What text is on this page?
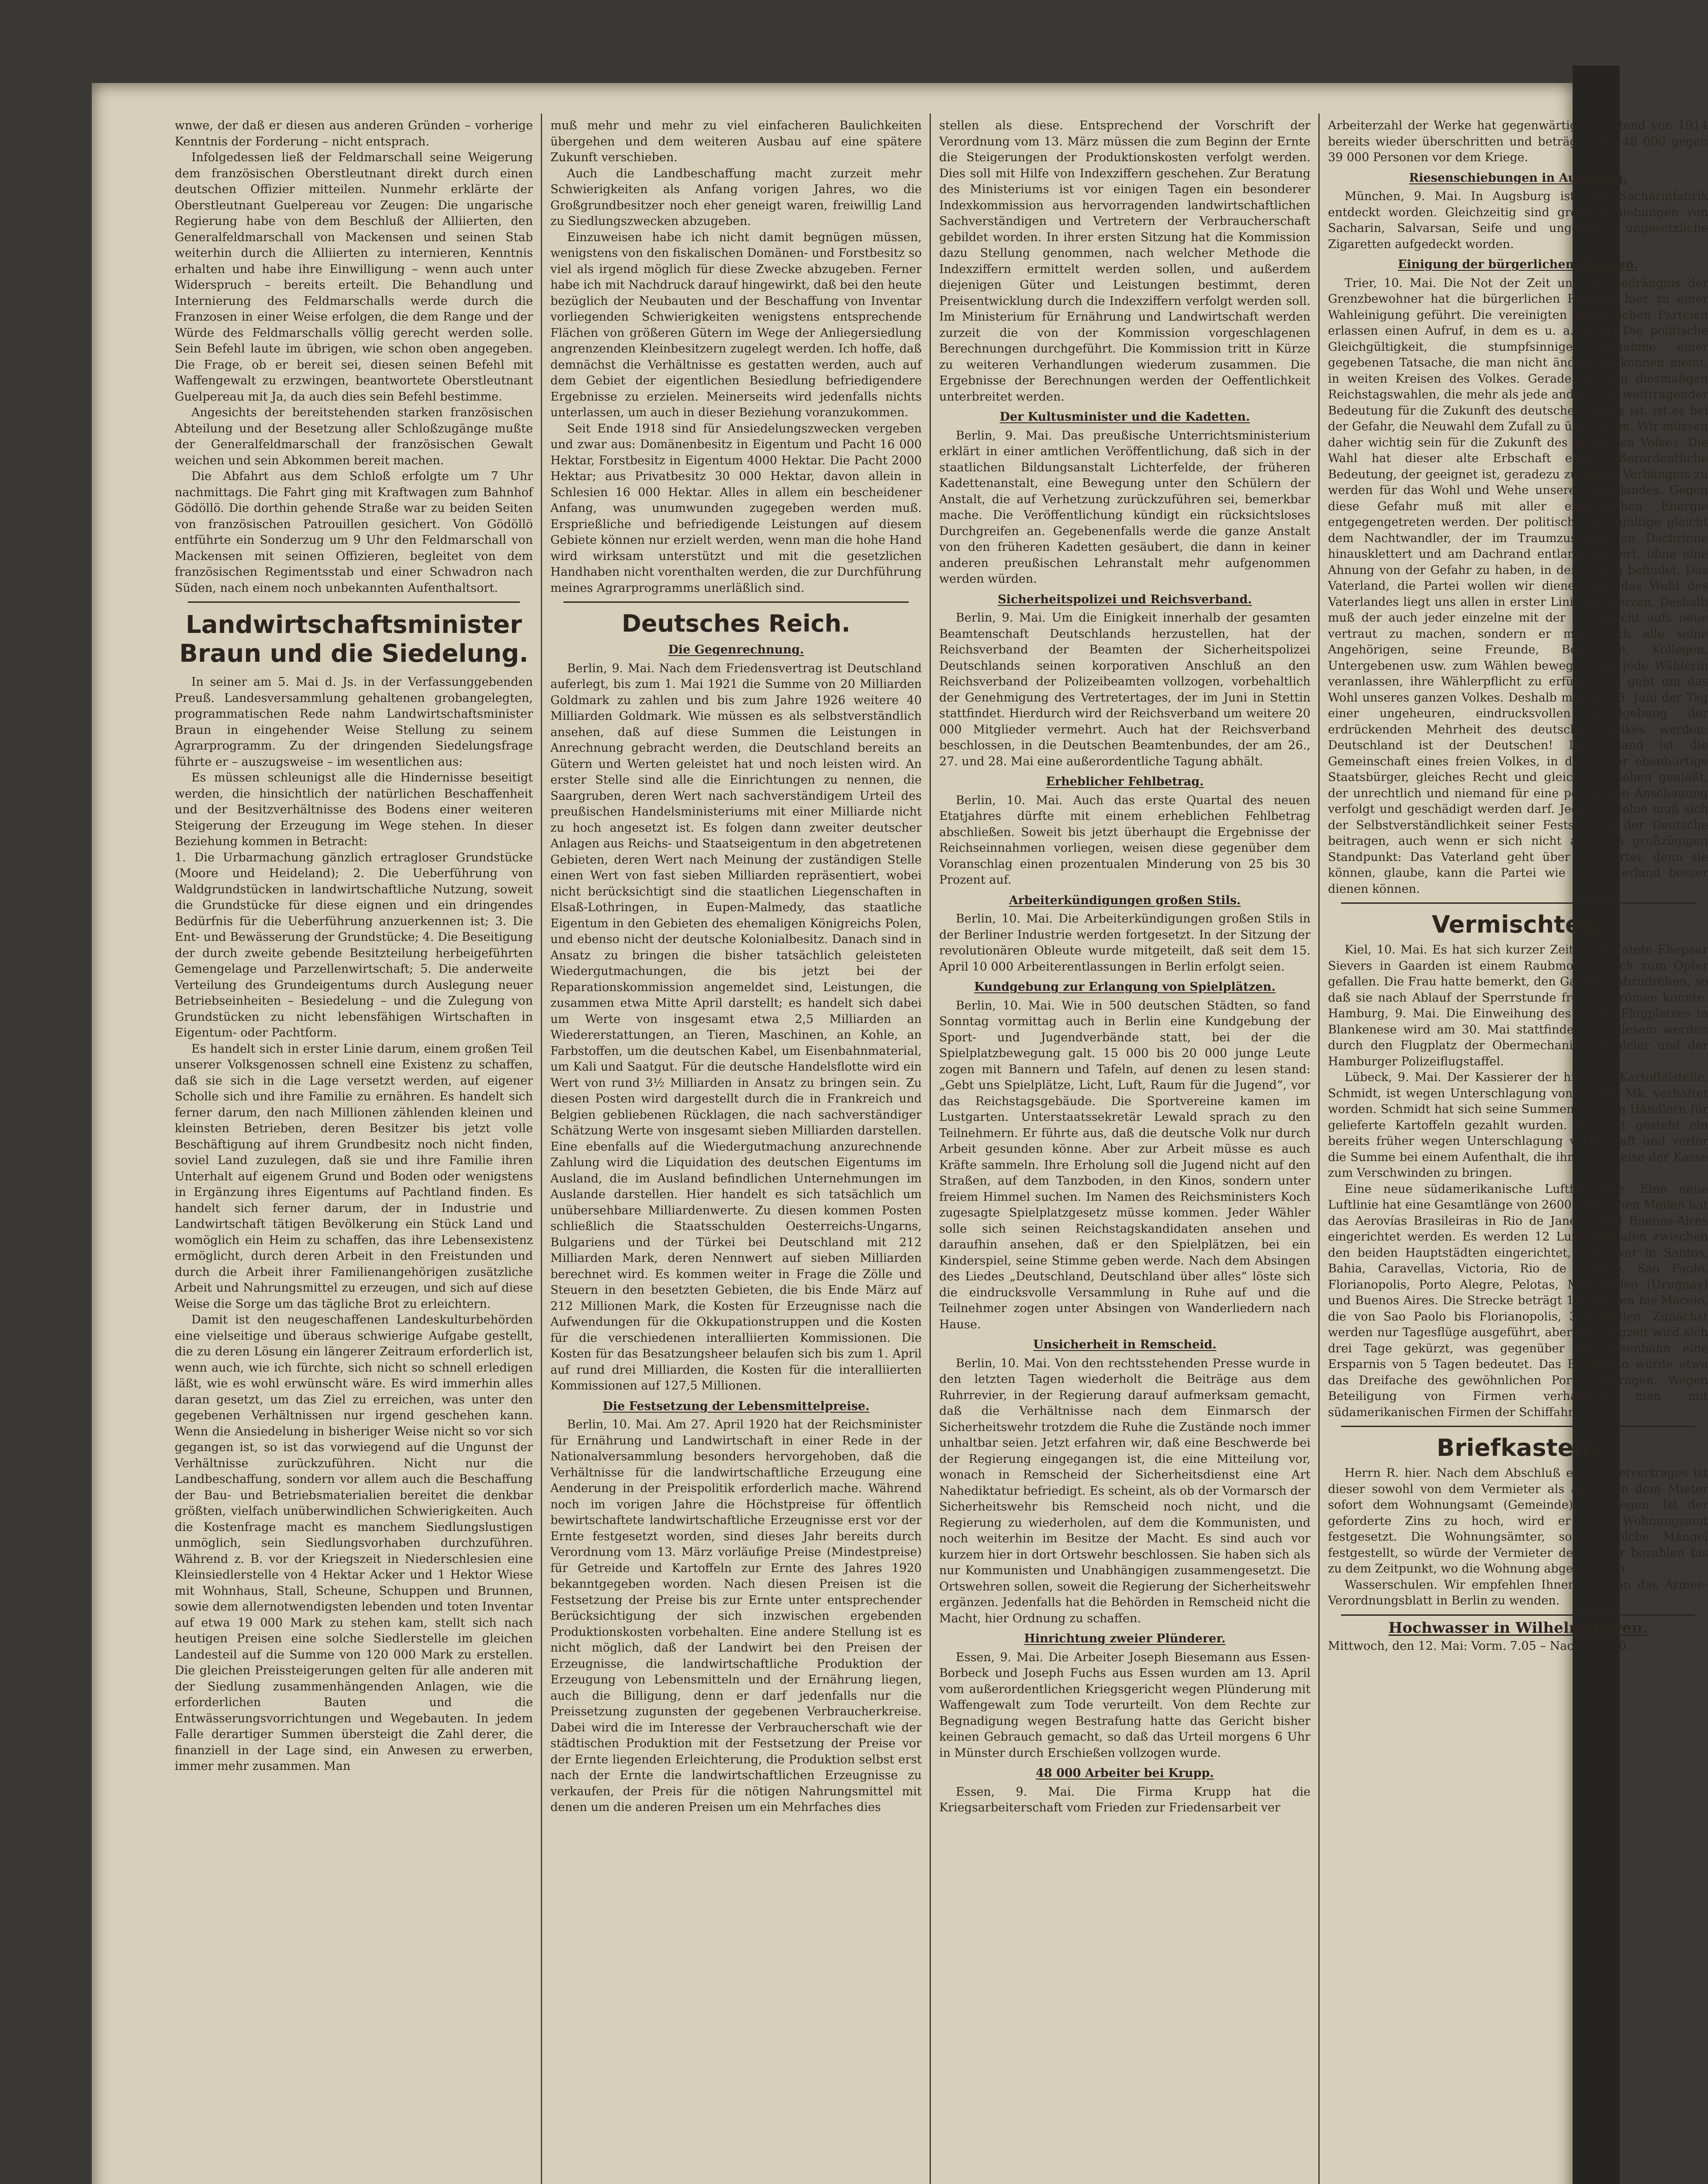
wnwe, der daß er diesen aus anderen Gründen – vorherige Kenntnis der Forderung – nicht entsprach.

Infolgedessen ließ der Feldmarschall seine Weigerung dem französischen Oberstleutnant direkt durch einen deutschen Offizier mitteilen. Nunmehr erklärte der Oberstleutnant Guelpereau vor Zeugen: Die ungarische Regierung habe von dem Beschluß der Alliierten, den Generalfeldmarschall von Mackensen und seinen Stab weiterhin durch die Alliierten zu internieren, Kenntnis erhalten und habe ihre Einwilligung – wenn auch unter Widerspruch – bereits erteilt. Die Behandlung und Internierung des Feldmarschalls werde durch die Franzosen in einer Weise erfolgen, die dem Range und der Würde des Feldmarschalls völlig gerecht werden solle. Sein Befehl laute im übrigen, wie schon oben angegeben. Die Frage, ob er bereit sei, diesen seinen Befehl mit Waffengewalt zu erzwingen, beantwortete Oberstleutnant Guelpereau mit Ja, da auch dies sein Befehl bestimme.

Angesichts der bereitstehenden starken französischen Abteilung und der Besetzung aller Schloßzugänge mußte der Generalfeldmarschall der französischen Gewalt weichen und sein Abkommen bereit machen.

Die Abfahrt aus dem Schloß erfolgte um 7 Uhr nachmittags. Die Fahrt ging mit Kraftwagen zum Bahnhof Gödöllö. Die dorthin gehende Straße war zu beiden Seiten von französischen Patrouillen gesichert. Von Gödöllö entführte ein Sonderzug um 9 Uhr den Feldmarschall von Mackensen mit seinen Offizieren, begleitet von dem französischen Regimentsstab und einer Schwadron nach Süden, nach einem noch unbekannten Aufenthaltsort.

Landwirtschaftsminister Braun und die Siedelung.

In seiner am 5. Mai d. Js. in der Verfassunggebenden Preuß. Landesversammlung gehaltenen grobangelegten, programmatischen Rede nahm Landwirtschaftsminister Braun in eingehender Weise Stellung zu seinem Agrarprogramm. Zu der dringenden Siedelungsfrage führte er – auszugsweise – im wesentlichen aus:

Es müssen schleunigst alle die Hindernisse beseitigt werden, die hinsichtlich der natürlichen Beschaffenheit und der Besitzverhältnisse des Bodens einer weiteren Steigerung der Erzeugung im Wege stehen. In dieser Beziehung kommen in Betracht:

1. Die Urbarmachung gänzlich ertragloser Grundstücke (Moore und Heideland); 2. Die Ueberführung von Waldgrundstücken in landwirtschaftliche Nutzung, soweit die Grundstücke für diese eignen und ein dringendes Bedürfnis für die Ueberführung anzuerkennen ist; 3. Die Ent- und Bewässerung der Grundstücke; 4. Die Beseitigung der durch zweite gebende Besitzteilung herbeigeführten Gemengelage und Parzellenwirtschaft; 5. Die anderweite Verteilung des Grundeigentums durch Auslegung neuer Betriebseinheiten – Besiedelung – und die Zulegung von Grundstücken zu nicht lebensfähigen Wirtschaften in Eigentum- oder Pachtform.

Es handelt sich in erster Linie darum, einem großen Teil unserer Volksgenossen schnell eine Existenz zu schaffen, daß sie sich in die Lage versetzt werden, auf eigener Scholle sich und ihre Familie zu ernähren. Es handelt sich ferner darum, den nach Millionen zählenden kleinen und kleinsten Betrieben, deren Besitzer bis jetzt volle Beschäftigung auf ihrem Grundbesitz noch nicht finden, soviel Land zuzulegen, daß sie und ihre Familie ihren Unterhalt auf eigenem Grund und Boden oder wenigstens in Ergänzung ihres Eigentums auf Pachtland finden. Es handelt sich ferner darum, der in Industrie und Landwirtschaft tätigen Bevölkerung ein Stück Land und womöglich ein Heim zu schaffen, das ihre Lebensexistenz ermöglicht, durch deren Arbeit in den Freistunden und durch die Arbeit ihrer Familienangehörigen zusätzliche Arbeit und Nahrungsmittel zu erzeugen, und sich auf diese Weise die Sorge um das tägliche Brot zu erleichtern.

Damit ist den neugeschaffenen Landeskulturbehörden eine vielseitige und überaus schwierige Aufgabe gestellt, die zu deren Lösung ein längerer Zeitraum erforderlich ist, wenn auch, wie ich fürchte, sich nicht so schnell erledigen läßt, wie es wohl erwünscht wäre. Es wird immerhin alles daran gesetzt, um das Ziel zu erreichen, was unter den gegebenen Verhältnissen nur irgend geschehen kann. Wenn die Ansiedelung in bisheriger Weise nicht so vor sich gegangen ist, so ist das vorwiegend auf die Ungunst der Verhältnisse zurückzuführen. Nicht nur die Landbeschaffung, sondern vor allem auch die Beschaffung der Bau- und Betriebsmaterialien bereitet die denkbar größten, vielfach unüberwindlichen Schwierigkeiten. Auch die Kostenfrage macht es manchem Siedlungslustigen unmöglich, sein Siedlungsvorhaben durchzuführen. Während z. B. vor der Kriegszeit in Niederschlesien eine Kleinsiedlerstelle von 4 Hektar Acker und 1 Hektor Wiese mit Wohnhaus, Stall, Scheune, Schuppen und Brunnen, sowie dem allernotwendigsten lebenden und toten Inventar auf etwa 19 000 Mark zu stehen kam, stellt sich nach heutigen Preisen eine solche Siedlerstelle im gleichen Landesteil auf die Summe von 120 000 Mark zu erstellen. Die gleichen Preissteigerungen gelten für alle anderen mit der Siedlung zusammenhängenden Anlagen, wie die erforderlichen Bauten und die Entwässerungsvorrichtungen und Wegebauten. In jedem Falle derartiger Summen übersteigt die Zahl derer, die finanziell in der Lage sind, ein Anwesen zu erwerben, immer mehr zusammen. Man

muß mehr und mehr zu viel einfacheren Baulichkeiten übergehen und dem weiteren Ausbau auf eine spätere Zukunft verschieben.

Auch die Landbeschaffung macht zurzeit mehr Schwierigkeiten als Anfang vorigen Jahres, wo die Großgrundbesitzer noch eher geneigt waren, freiwillig Land zu Siedlungszwecken abzugeben.

Einzuweisen habe ich nicht damit begnügen müssen, wenigstens von den fiskalischen Domänen- und Forstbesitz so viel als irgend möglich für diese Zwecke abzugeben. Ferner habe ich mit Nachdruck darauf hingewirkt, daß bei den heute bezüglich der Neubauten und der Beschaffung von Inventar vorliegenden Schwierigkeiten wenigstens entsprechende Flächen von größeren Gütern im Wege der Anliegersiedlung angrenzenden Kleinbesitzern zugelegt werden. Ich hoffe, daß demnächst die Verhältnisse es gestatten werden, auch auf dem Gebiet der eigentlichen Besiedlung befriedigendere Ergebnisse zu erzielen. Meinerseits wird jedenfalls nichts unterlassen, um auch in dieser Beziehung voranzukommen.

Seit Ende 1918 sind für Ansiedelungszwecken vergeben und zwar aus: Domänenbesitz in Eigentum und Pacht 16 000 Hektar, Forstbesitz in Eigentum 4000 Hektar. Die Pacht 2000 Hektar; aus Privatbesitz 30 000 Hektar, davon allein in Schlesien 16 000 Hektar. Alles in allem ein bescheidener Anfang, was unumwunden zugegeben werden muß. Ersprießliche und befriedigende Leistungen auf diesem Gebiete können nur erzielt werden, wenn man die hohe Hand wird wirksam unterstützt und mit die gesetzlichen Handhaben nicht vorenthalten werden, die zur Durchführung meines Agrarprogramms unerläßlich sind.

Deutsches Reich.
Die Gegenrechnung.

Berlin, 9. Mai. Nach dem Friedensvertrag ist Deutschland auferlegt, bis zum 1. Mai 1921 die Summe von 20 Milliarden Goldmark zu zahlen und bis zum Jahre 1926 weitere 40 Milliarden Goldmark. Wie müssen es als selbstverständlich ansehen, daß auf diese Summen die Leistungen in Anrechnung gebracht werden, die Deutschland bereits an Gütern und Werten geleistet hat und noch leisten wird. An erster Stelle sind alle die Einrichtungen zu nennen, die Saargruben, deren Wert nach sachverständigem Urteil des preußischen Handelsministeriums mit einer Milliarde nicht zu hoch angesetzt ist. Es folgen dann zweiter deutscher Anlagen aus Reichs- und Staatseigentum in den abgetretenen Gebieten, deren Wert nach Meinung der zuständigen Stelle einen Wert von fast sieben Milliarden repräsentiert, wobei nicht berücksichtigt sind die staatlichen Liegenschaften in Elsaß-Lothringen, in Eupen-Malmedy, das staatliche Eigentum in den Gebieten des ehemaligen Königreichs Polen, und ebenso nicht der deutsche Kolonialbesitz. Danach sind in Ansatz zu bringen die bisher tatsächlich geleisteten Wiedergutmachungen, die bis jetzt bei der Reparationskommission angemeldet sind, Leistungen, die zusammen etwa Mitte April darstellt; es handelt sich dabei um Werte von insgesamt etwa 2,5 Milliarden an Wiedererstattungen, an Tieren, Maschinen, an Kohle, an Farbstoffen, um die deutschen Kabel, um Eisenbahnmaterial, um Kali und Saatgut. Für die deutsche Handelsflotte wird ein Wert von rund 3½ Milliarden in Ansatz zu bringen sein. Zu diesen Posten wird dargestellt durch die in Frankreich und Belgien gebliebenen Rücklagen, die nach sachverständiger Schätzung Werte von insgesamt sieben Milliarden darstellen. Eine ebenfalls auf die Wiedergutmachung anzurechnende Zahlung wird die Liquidation des deutschen Eigentums im Ausland, die im Ausland befindlichen Unternehmungen im Auslande darstellen. Hier handelt es sich tatsächlich um unübersehbare Milliardenwerte. Zu diesen kommen Posten schließlich die Staatsschulden Oesterreichs-Ungarns, Bulgariens und der Türkei bei Deutschland mit 212 Milliarden Mark, deren Nennwert auf sieben Milliarden berechnet wird. Es kommen weiter in Frage die Zölle und Steuern in den besetzten Gebieten, die bis Ende März auf 212 Millionen Mark, die Kosten für Erzeugnisse nach die Aufwendungen für die Okkupationstruppen und die Kosten für die verschiedenen interalliierten Kommissionen. Die Kosten für das Besatzungsheer belaufen sich bis zum 1. April auf rund drei Milliarden, die Kosten für die interalliierten Kommissionen auf 127,5 Millionen.

Die Festsetzung der Lebensmittelpreise.

Berlin, 10. Mai. Am 27. April 1920 hat der Reichsminister für Ernährung und Landwirtschaft in einer Rede in der Nationalversammlung besonders hervorgehoben, daß die Verhältnisse für die landwirtschaftliche Erzeugung eine Aenderung in der Preispolitik erforderlich mache. Während noch im vorigen Jahre die Höchstpreise für öffentlich bewirtschaftete landwirtschaftliche Erzeugnisse erst vor der Ernte festgesetzt worden, sind dieses Jahr bereits durch Verordnung vom 13. März vorläufige Preise (Mindestpreise) für Getreide und Kartoffeln zur Ernte des Jahres 1920 bekanntgegeben worden. Nach diesen Preisen ist die Festsetzung der Preise bis zur Ernte unter entsprechender Berücksichtigung der sich inzwischen ergebenden Produktionskosten vorbehalten. Eine andere Stellung ist es nicht möglich, daß der Landwirt bei den Preisen der Erzeugnisse, die landwirtschaftliche Produktion der Erzeugung von Lebensmitteln und der Ernährung liegen, auch die Billigung, denn er darf jedenfalls nur die Preissetzung zugunsten der gegebenen Verbraucherkreise. Dabei wird die im Interesse der Verbraucherschaft wie der städtischen Produktion mit der Festsetzung der Preise vor der Ernte liegenden Erleichterung, die Produktion selbst erst nach der Ernte die landwirtschaftlichen Erzeugnisse zu verkaufen, der Preis für die nötigen Nahrungsmittel mit denen um die anderen Preisen um ein Mehrfaches dies

stellen als diese. Entsprechend der Vorschrift der Verordnung vom 13. März müssen die zum Beginn der Ernte die Steigerungen der Produktionskosten verfolgt werden. Dies soll mit Hilfe von Indexziffern geschehen. Zur Beratung des Ministeriums ist vor einigen Tagen ein besonderer Indexkommission aus hervorragenden landwirtschaftlichen Sachverständigen und Vertretern der Verbraucherschaft gebildet worden. In ihrer ersten Sitzung hat die Kommission dazu Stellung genommen, nach welcher Methode die Indexziffern ermittelt werden sollen, und außerdem diejenigen Güter und Leistungen bestimmt, deren Preisentwicklung durch die Indexziffern verfolgt werden soll. Im Ministerium für Ernährung und Landwirtschaft werden zurzeit die von der Kommission vorgeschlagenen Berechnungen durchgeführt. Die Kommission tritt in Kürze zu weiteren Verhandlungen wiederum zusammen. Die Ergebnisse der Berechnungen werden der Oeffentlichkeit unterbreitet werden.

Der Kultusminister und die Kadetten.

Berlin, 9. Mai. Das preußische Unterrichtsministerium erklärt in einer amtlichen Veröffentlichung, daß sich in der staatlichen Bildungsanstalt Lichterfelde, der früheren Kadettenanstalt, eine Bewegung unter den Schülern der Anstalt, die auf Verhetzung zurückzuführen sei, bemerkbar mache. Die Veröffentlichung kündigt ein rücksichtsloses Durchgreifen an. Gegebenenfalls werde die ganze Anstalt von den früheren Kadetten gesäubert, die dann in keiner anderen preußischen Lehranstalt mehr aufgenommen werden würden.

Sicherheitspolizei und Reichsverband.

Berlin, 9. Mai. Um die Einigkeit innerhalb der gesamten Beamtenschaft Deutschlands herzustellen, hat der Reichsverband der Beamten der Sicherheitspolizei Deutschlands seinen korporativen Anschluß an den Reichsverband der Polizeibeamten vollzogen, vorbehaltlich der Genehmigung des Vertretertages, der im Juni in Stettin stattfindet. Hierdurch wird der Reichsverband um weitere 20 000 Mitglieder vermehrt. Auch hat der Reichsverband beschlossen, in die Deutschen Beamtenbundes, der am 26., 27. und 28. Mai eine außerordentliche Tagung abhält.

Erheblicher Fehlbetrag.

Berlin, 10. Mai. Auch das erste Quartal des neuen Etatjahres dürfte mit einem erheblichen Fehlbetrag abschließen. Soweit bis jetzt überhaupt die Ergebnisse der Reichseinnahmen vorliegen, weisen diese gegenüber dem Voranschlag einen prozentualen Minderung von 25 bis 30 Prozent auf.

Arbeiterkündigungen großen Stils.

Berlin, 10. Mai. Die Arbeiterkündigungen großen Stils in der Berliner Industrie werden fortgesetzt. In der Sitzung der revolutionären Obleute wurde mitgeteilt, daß seit dem 15. April 10 000 Arbeiterentlassungen in Berlin erfolgt seien.

Kundgebung zur Erlangung von Spielplätzen.

Berlin, 10. Mai. Wie in 500 deutschen Städten, so fand Sonntag vormittag auch in Berlin eine Kundgebung der Sport- und Jugendverbände statt, bei der die Spielplatzbewegung galt. 15 000 bis 20 000 junge Leute zogen mit Bannern und Tafeln, auf denen zu lesen stand: „Gebt uns Spielplätze, Licht, Luft, Raum für die Jugend“, vor das Reichstagsgebäude. Die Sportvereine kamen im Lustgarten. Unterstaatssekretär Lewald sprach zu den Teilnehmern. Er führte aus, daß die deutsche Volk nur durch Arbeit gesunden könne. Aber zur Arbeit müsse es auch Kräfte sammeln. Ihre Erholung soll die Jugend nicht auf den Straßen, auf dem Tanzboden, in den Kinos, sondern unter freiem Himmel suchen. Im Namen des Reichsministers Koch zugesagte Spielplatzgesetz müsse kommen. Jeder Wähler solle sich seinen Reichstagskandidaten ansehen und daraufhin ansehen, daß er den Spielplätzen, bei ein Kinderspiel, seine Stimme geben werde. Nach dem Absingen des Liedes „Deutschland, Deutschland über alles“ löste sich die eindrucksvolle Versammlung in Ruhe auf und die Teilnehmer zogen unter Absingen von Wanderliedern nach Hause.

Unsicherheit in Remscheid.

Berlin, 10. Mai. Von den rechtsstehenden Presse wurde in den letzten Tagen wiederholt die Beiträge aus dem Ruhrrevier, in der Regierung darauf aufmerksam gemacht, daß die Verhältnisse nach dem Einmarsch der Sicherheitswehr trotzdem die Ruhe die Zustände noch immer unhaltbar seien. Jetzt erfahren wir, daß eine Beschwerde bei der Regierung eingegangen ist, die eine Mitteilung vor, wonach in Remscheid der Sicherheitsdienst eine Art Nahediktatur befriedigt. Es scheint, als ob der Vormarsch der Sicherheitswehr bis Remscheid noch nicht, und die Regierung zu wiederholen, auf dem die Kommunisten, und noch weiterhin im Besitze der Macht. Es sind auch vor kurzem hier in dort Ortswehr beschlossen. Sie haben sich als nur Kommunisten und Unabhängigen zusammengesetzt. Die Ortswehren sollen, soweit die Regierung der Sicherheitswehr ergänzen. Jedenfalls hat die Behörden in Remscheid nicht die Macht, hier Ordnung zu schaffen.

Hinrichtung zweier Plünderer.

Essen, 9. Mai. Die Arbeiter Joseph Biesemann aus Essen-Borbeck und Joseph Fuchs aus Essen wurden am 13. April vom außerordentlichen Kriegsgericht wegen Plünderung mit Waffengewalt zum Tode verurteilt. Von dem Rechte zur Begnadigung wegen Bestrafung hatte das Gericht bisher keinen Gebrauch gemacht, so daß das Urteil morgens 6 Uhr in Münster durch Erschießen vollzogen wurde.

48 000 Arbeiter bei Krupp.

Essen, 9. Mai. Die Firma Krupp hat die Kriegsarbeiterschaft vom Frieden zur Friedensarbeit ver

Arbeiterzahl der Werke hat gegenwärtig den Stand von 1914 bereits wieder überschritten und beträgt etwa 48 000 gegen 39 000 Personen vor dem Kriege.

Riesenschiebungen in Augsburg.

München, 9. Mai. In Augsburg ist eine Sacharinfabrik entdeckt worden. Gleichzeitig sind große Schiebungen von Sacharin, Salvarsan, Seife und ungeheure ungesetzliche Zigaretten aufgedeckt worden.

Einigung der bürgerlichen Parteien.

Trier, 10. Mai. Die Not der Zeit und die Bedrängnis der Grenzbewohner hat die bürgerlichen Parteien hier zu einer Wahleinigung geführt. Die vereinigten bürgerlichen Parteien erlassen einen Aufruf, in dem es u. a. heißt: Die politische Gleichgültigkeit, die stumpfsinnige Hinnahme einer gegebenen Tatsache, die man nicht ändern zu können meint, in weiten Kreisen des Volkes. Gerade bei den diesmaligen Reichstagswahlen, die mehr als jede andere von weittragender Bedeutung für die Zukunft des deutschen Volkes ist, ist es bei der Gefahr, die Neuwahl dem Zufall zu überlassen. Wir müssen daher wichtig sein für die Zukunft des deutschen Volkes. Die Wahl hat dieser alte Erbschaft eine außerordentliche Bedeutung, der geeignet ist, geradezu zu einem Verhängnis zu werden für das Wohl und Wehe unseres Vaterlandes. Gegen diese Gefahr muß mit aller erdenklichen Energie entgegengetreten werden. Der politisch Gleichgültige gleicht dem Nachtwandler, der im Traumzustande an Dachrinne hinausklettert und am Dachrand entlang spaziert, ohne eine Ahnung von der Gefahr zu haben, in der er sich befindet. Das Vaterland, die Partei wollen wir dienen und das Wohl des Vaterlandes liegt uns allen in erster Linie am Herzen. Deshalb muß der auch jeder einzelne mit der Wahlpflicht aufs neue vertraut zu machen, sondern er muß auch alle seine Angehörigen, seine Freunde, Bekannten, Kollegen, Untergebenen usw. zum Wählen bewegen und jede Wählerin veranlassen, ihre Wählerpflicht zu erfüllen. Es geht um das Wohl unseres ganzen Volkes. Deshalb muß der 6. Juni der Tag einer ungeheuren, eindrucksvollen Kundgebung der erdrückenden Mehrheit des deutschen Volkes werden: Deutschland ist der Deutschen! Deutschland ist die Gemeinschaft eines freien Volkes, in dem jeder ebenbürtige Staatsbürger, gleiches Recht und gleiches Ansehen genießt, der unrechtlich und niemand für eine politischen Anschauung verfolgt und geschädigt werden darf. Jeder Einzelne muß sich der Selbstverständlichkeit seiner Feststellung der Deutsche beitragen, auch wenn er sich nicht auf dem großzügigen Standpunkt: Das Vaterland geht über die Partei, denn sie können, glaube, kann die Partei wie das Vaterland besser dienen können.

Vermischtes.

Kiel, 10. Mai. Es hat sich kurzer Zeit verheiratete Ehepaar Sievers in Gaarden ist einem Raubmordversuch zum Opfer gefallen. Die Frau hatte bemerkt, den Gashahn abzudrehen, so daß sie nach Ablauf der Sperrstunde frei ausströmen konnte. Hamburg, 9. Mai. Die Einweihung des neuen Flugplatzes in Blankenese wird am 30. Mai stattfinden. Zu diesem werden durch den Flugplatz der Obermechaniker Schleier und der Hamburger Polizeiflugstaffel.

Lübeck, 9. Mai. Der Kassierer der hiesigen Kartoffelstelle, Schmidt, ist wegen Unterschlagung von 37 000 Mk. verhaftet worden. Schmidt hat sich seine Summen, die von Händlern für gelieferte Kartoffeln gezahlt wurden. Schmidt gesteht ein bereits früher wegen Unterschlagung vorbestraft und verlor die Summe bei einem Aufenthalt, die ihm eine Reise der Kasse zum Verschwinden zu bringen.

Eine neue südamerikanische Luftfahrtlinie. Eine neue Luftlinie hat eine Gesamtlänge von 2600 englischen Meilen hat das Aerovías Brasileiras in Rio de Janeiro und Buenos-Aires eingerichtet werden. Es werden 12 Luftschiffhafen zwischen den beiden Hauptstädten eingerichtet, und zwar in Santos, Bahia, Caravellas, Victoria, Rio de Janeiro, Sao Paolo, Florianopolis, Porto Alegre, Pelotas, Montevideo (Uruguay) und Buenos Aires. Die Strecke beträgt 123 Meilen bis Maceio, die von Sao Paolo bis Florianopolis, 319 Meilen. Zunächst werden nur Tagesflüge ausgeführt, aber die Flugzeit wird sich drei Tage gekürzt, was gegenüber der Eisenbahn eine Ersparnis von 5 Tagen bedeutet. Das Briefporto würde etwa das Dreifache des gewöhnlichen Portos betragen. Wegen Beteiligung von Firmen verhandelt man mit südamerikanischen Firmen der Schiffahrt.

Briefkasten.

Herrn R. hier. Nach dem Abschluß eines Mietvertrages ist dieser sowohl von dem Vermieter als auch von dem Mieter sofort dem Wohnungsamt (Gemeinde) vorzulegen. Ist der geforderte Zins zu hoch, wird er vom Wohnungsamt festgesetzt. Die Wohnungsämter, soweit solche Mängel festgestellt, so würde der Vermieter den Fehler bezahlen bis zu dem Zeitpunkt, wo die Wohnung abgenommen.

Wasserschulen. Wir empfehlen Ihnen, sich an das Armee-Verordnungsblatt in Berlin zu wenden.

Hochwasser in Wilhelmshaven.

Mittwoch, den 12. Mai: Vorm. 7.05 – Nachm. 7.20.
